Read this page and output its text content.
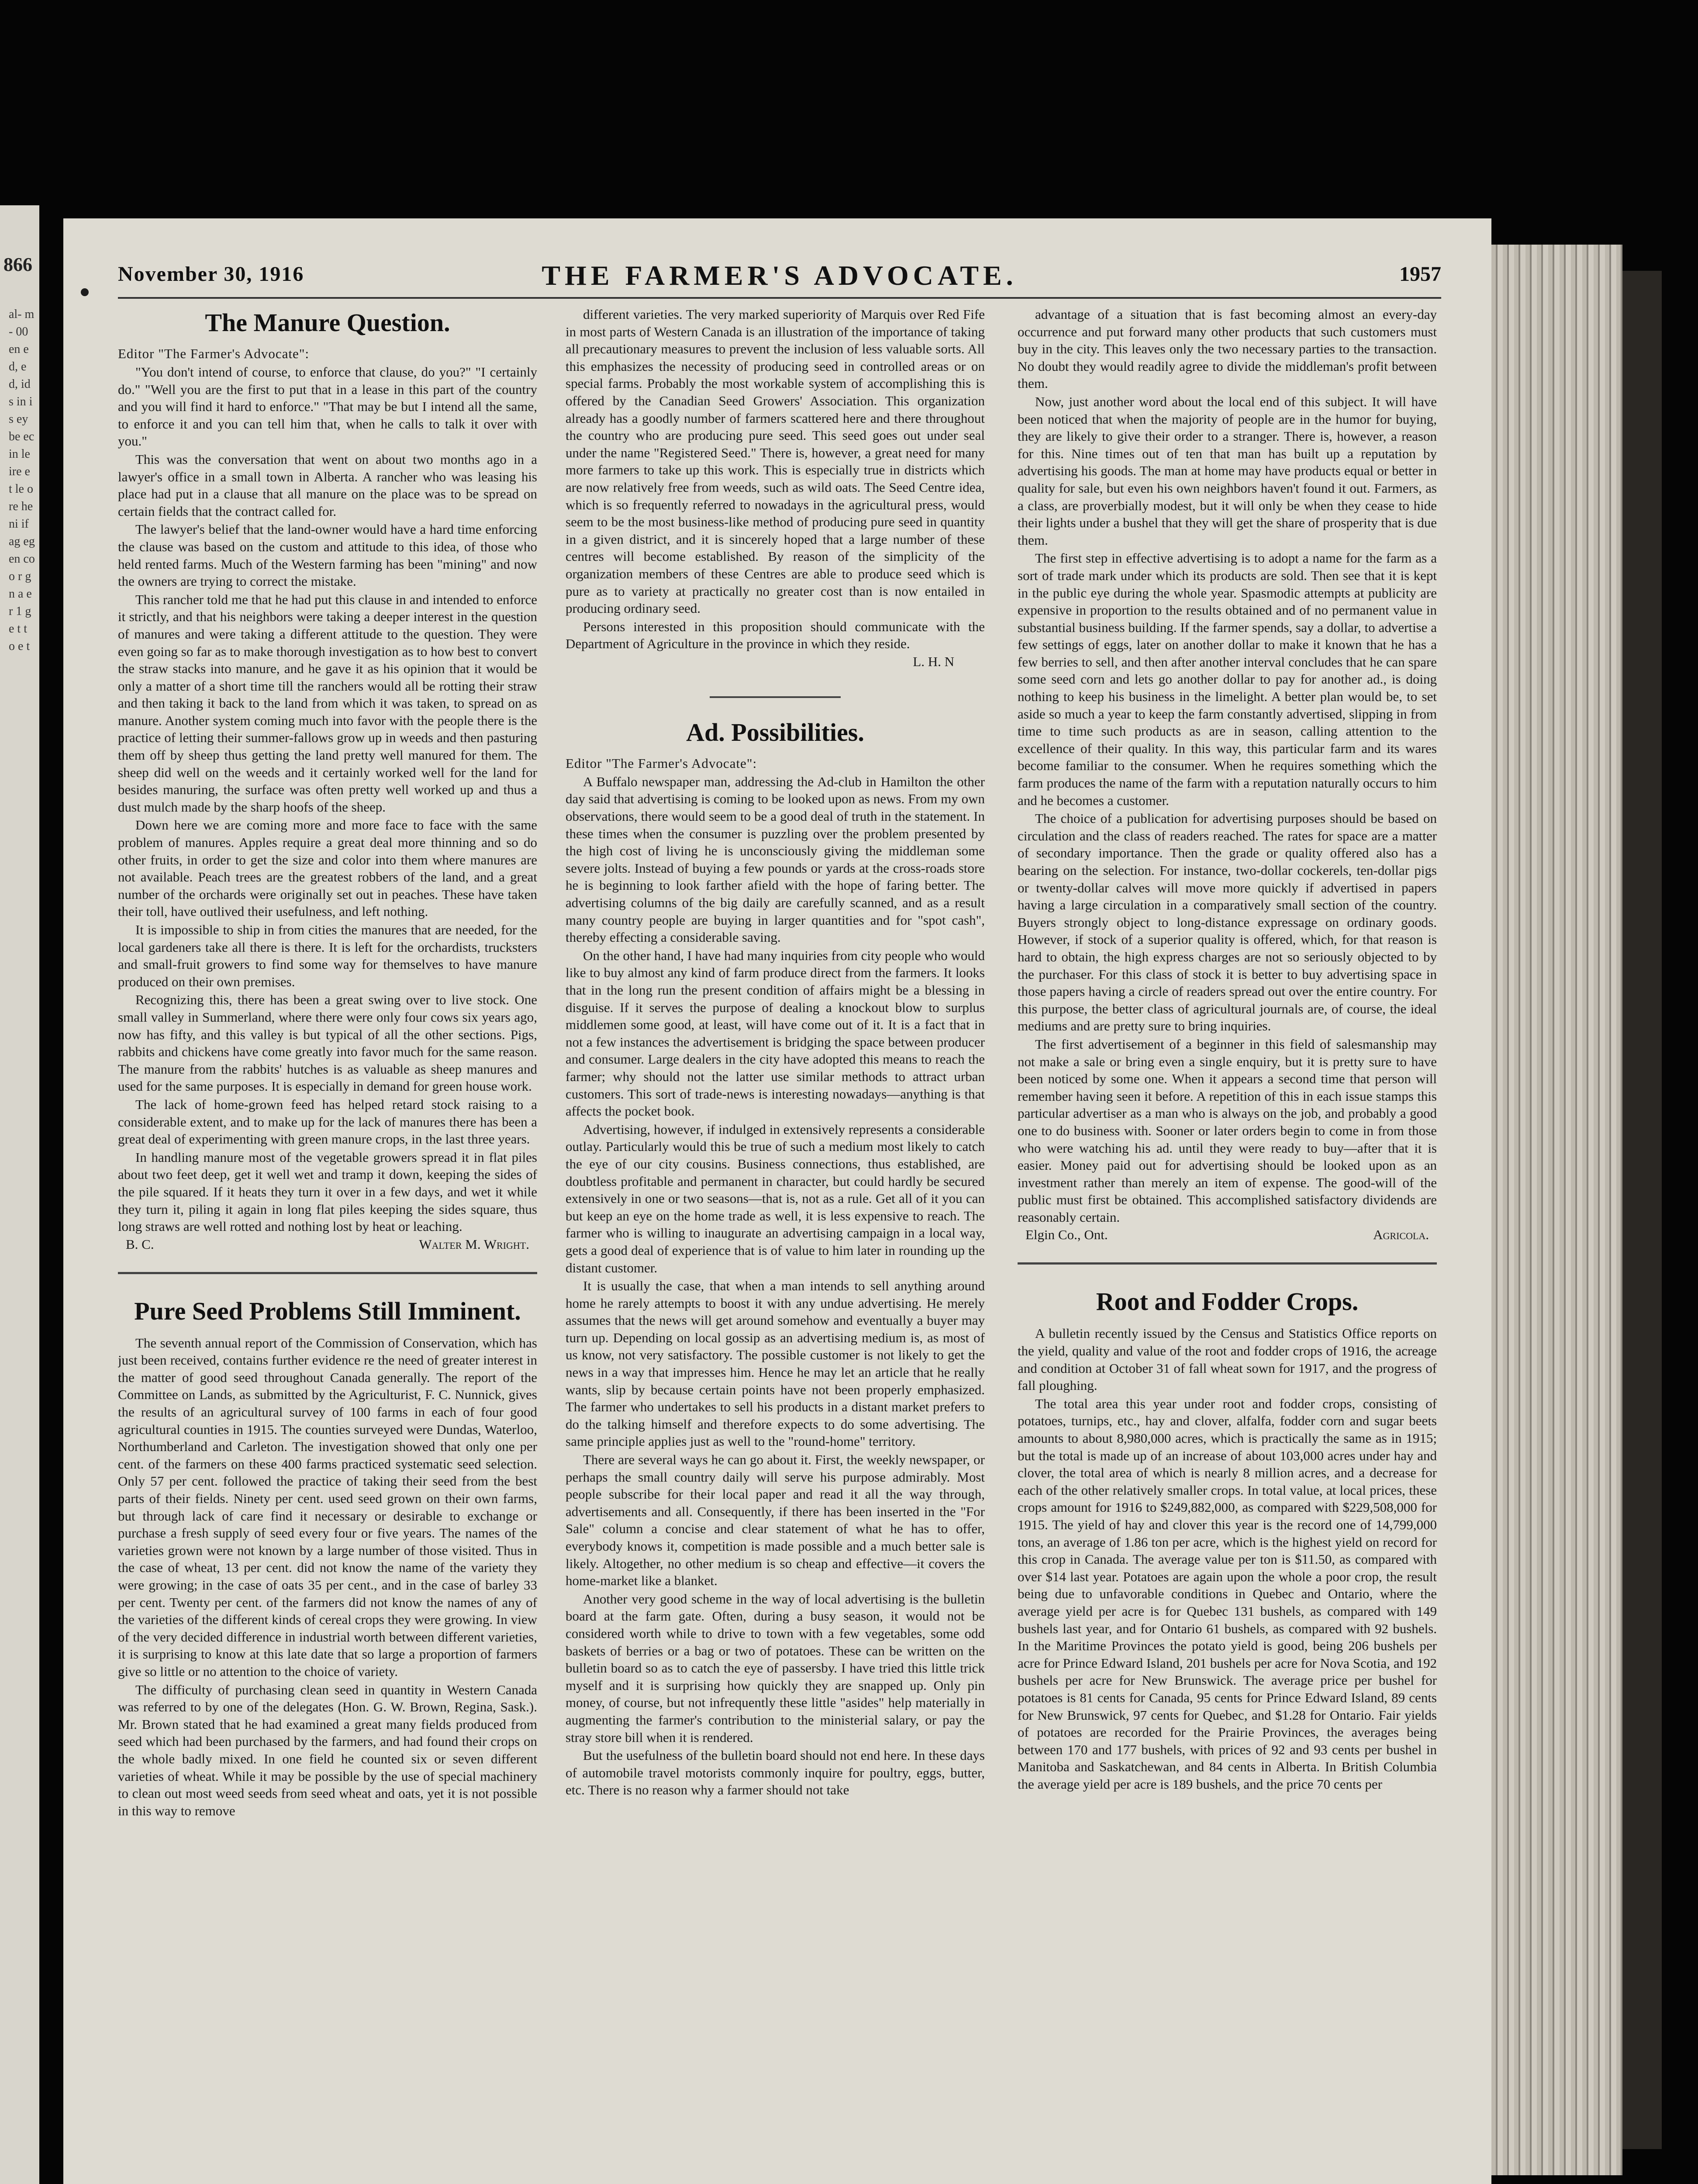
866
al- m- 00 en ed, ed, ids in is ey be ec in le ire e t le ore he ni if ag eg en co o r g n a e r 1 g e t t o e t
November 30, 1916	THE FARMER'S ADVOCATE.	1957
The Manure Question.
Editor "The Farmer's Advocate":

"You don't intend of course, to enforce that clause, do you?" "I certainly do." "Well you are the first to put that in a lease in this part of the country and you will find it hard to enforce." "That may be but I intend all the same, to enforce it and you can tell him that, when he calls to talk it over with you."

This was the conversation that went on about two months ago in a lawyer's office in a small town in Alberta. A rancher who was leasing his place had put in a clause that all manure on the place was to be spread on certain fields that the contract called for.

The lawyer's belief that the land-owner would have a hard time enforcing the clause was based on the custom and attitude to this idea, of those who held rented farms. Much of the Western farming has been "mining" and now the owners are trying to correct the mistake.

This rancher told me that he had put this clause in and intended to enforce it strictly, and that his neighbors were taking a deeper interest in the question of manures and were taking a different attitude to the question. They were even going so far as to make thorough investigation as to how best to convert the straw stacks into manure, and he gave it as his opinion that it would be only a matter of a short time till the ranchers would all be rotting their straw and then taking it back to the land from which it was taken, to spread on as manure. Another system coming much into favor with the people there is the practice of letting their summer-fallows grow up in weeds and then pasturing them off by sheep thus getting the land pretty well manured for them. The sheep did well on the weeds and it certainly worked well for the land for besides manuring, the surface was often pretty well worked up and thus a dust mulch made by the sharp hoofs of the sheep.

Down here we are coming more and more face to face with the same problem of manures. Apples require a great deal more thinning and so do other fruits, in order to get the size and color into them where manures are not available. Peach trees are the greatest robbers of the land, and a great number of the orchards were originally set out in peaches. These have taken their toll, have outlived their usefulness, and left nothing.

It is impossible to ship in from cities the manures that are needed, for the local gardeners take all there is there. It is left for the orchardists, trucksters and small-fruit growers to find some way for themselves to have manure produced on their own premises.

Recognizing this, there has been a great swing over to live stock. One small valley in Summerland, where there were only four cows six years ago, now has fifty, and this valley is but typical of all the other sections. Pigs, rabbits and chickens have come greatly into favor much for the same reason. The manure from the rabbits' hutches is as valuable as sheep manures and used for the same purposes. It is especially in demand for green house work.

The lack of home-grown feed has helped retard stock raising to a considerable extent, and to make up for the lack of manures there has been a great deal of experimenting with green manure crops, in the last three years.

In handling manure most of the vegetable growers spread it in flat piles about two feet deep, get it well wet and tramp it down, keeping the sides of the pile squared. If it heats they turn it over in a few days, and wet it while they turn it, piling it again in long flat piles keeping the sides square, thus long straws are well rotted and nothing lost by heat or leaching.

B. C.	Walter M. Wright.
Pure Seed Problems Still Imminent.

The seventh annual report of the Commission of Conservation, which has just been received, contains further evidence re the need of greater interest in the matter of good seed throughout Canada generally. The report of the Committee on Lands, as submitted by the Agriculturist, F. C. Nunnick, gives the results of an agricultural survey of 100 farms in each of four good agricultural counties in 1915. The counties surveyed were Dundas, Waterloo, Northumberland and Carleton. The investigation showed that only one per cent. of the farmers on these 400 farms practiced systematic seed selection. Only 57 per cent. followed the practice of taking their seed from the best parts of their fields. Ninety per cent. used seed grown on their own farms, but through lack of care find it necessary or desirable to exchange or purchase a fresh supply of seed every four or five years. The names of the varieties grown were not known by a large number of those visited. Thus in the case of wheat, 13 per cent. did not know the name of the variety they were growing; in the case of oats 35 per cent., and in the case of barley 33 per cent. Twenty per cent. of the farmers did not know the names of any of the varieties of the different kinds of cereal crops they were growing. In view of the very decided difference in industrial worth between different varieties, it is surprising to know at this late date that so large a proportion of farmers give so little or no attention to the choice of variety.

The difficulty of purchasing clean seed in quantity in Western Canada was referred to by one of the delegates (Hon. G. W. Brown, Regina, Sask.). Mr. Brown stated that he had examined a great many fields produced from seed which had been purchased by the farmers, and had found their crops on the whole badly mixed. In one field he counted six or seven different varieties of wheat. While it may be possible by the use of special machinery to clean out most weed seeds from seed wheat and oats, yet it is not possible in this way to remove

different varieties. The very marked superiority of Marquis over Red Fife in most parts of Western Canada is an illustration of the importance of taking all precautionary measures to prevent the inclusion of less valuable sorts. All this emphasizes the necessity of producing seed in controlled areas or on special farms. Probably the most workable system of accomplishing this is offered by the Canadian Seed Growers' Association. This organization already has a goodly number of farmers scattered here and there throughout the country who are producing pure seed. This seed goes out under seal under the name "Registered Seed." There is, however, a great need for many more farmers to take up this work. This is especially true in districts which are now relatively free from weeds, such as wild oats. The Seed Centre idea, which is so frequently referred to nowadays in the agricultural press, would seem to be the most business-like method of producing pure seed in quantity in a given district, and it is sincerely hoped that a large number of these centres will become established. By reason of the simplicity of the organization members of these Centres are able to produce seed which is pure as to variety at practically no greater cost than is now entailed in producing ordinary seed.

Persons interested in this proposition should communicate with the Department of Agriculture in the province in which they reside.

L. H. N
Ad. Possibilities.
Editor "The Farmer's Advocate":

A Buffalo newspaper man, addressing the Ad-club in Hamilton the other day said that advertising is coming to be looked upon as news. From my own observations, there would seem to be a good deal of truth in the statement. In these times when the consumer is puzzling over the problem presented by the high cost of living he is unconsciously giving the middleman some severe jolts. Instead of buying a few pounds or yards at the cross-roads store he is beginning to look farther afield with the hope of faring better. The advertising columns of the big daily are carefully scanned, and as a result many country people are buying in larger quantities and for "spot cash", thereby effecting a considerable saving.

On the other hand, I have had many inquiries from city people who would like to buy almost any kind of farm produce direct from the farmers. It looks that in the long run the present condition of affairs might be a blessing in disguise. If it serves the purpose of dealing a knockout blow to surplus middlemen some good, at least, will have come out of it. It is a fact that in not a few instances the advertisement is bridging the space between producer and consumer. Large dealers in the city have adopted this means to reach the farmer; why should not the latter use similar methods to attract urban customers. This sort of trade-news is interesting nowadays—anything is that affects the pocket book.

Advertising, however, if indulged in extensively represents a considerable outlay. Particularly would this be true of such a medium most likely to catch the eye of our city cousins. Business connections, thus established, are doubtless profitable and permanent in character, but could hardly be secured extensively in one or two seasons—that is, not as a rule. Get all of it you can but keep an eye on the home trade as well, it is less expensive to reach. The farmer who is willing to inaugurate an advertising campaign in a local way, gets a good deal of experience that is of value to him later in rounding up the distant customer.

It is usually the case, that when a man intends to sell anything around home he rarely attempts to boost it with any undue advertising. He merely assumes that the news will get around somehow and eventually a buyer may turn up. Depending on local gossip as an advertising medium is, as most of us know, not very satisfactory. The possible customer is not likely to get the news in a way that impresses him. Hence he may let an article that he really wants, slip by because certain points have not been properly emphasized. The farmer who undertakes to sell his products in a distant market prefers to do the talking himself and therefore expects to do some advertising. The same principle applies just as well to the "round-home" territory.

There are several ways he can go about it. First, the weekly newspaper, or perhaps the small country daily will serve his purpose admirably. Most people subscribe for their local paper and read it all the way through, advertisements and all. Consequently, if there has been inserted in the "For Sale" column a concise and clear statement of what he has to offer, everybody knows it, competition is made possible and a much better sale is likely. Altogether, no other medium is so cheap and effective—it covers the home-market like a blanket.

Another very good scheme in the way of local advertising is the bulletin board at the farm gate. Often, during a busy season, it would not be considered worth while to drive to town with a few vegetables, some odd baskets of berries or a bag or two of potatoes. These can be written on the bulletin board so as to catch the eye of passersby. I have tried this little trick myself and it is surprising how quickly they are snapped up. Only pin money, of course, but not infrequently these little "asides" help materially in augmenting the farmer's contribution to the ministerial salary, or pay the stray store bill when it is rendered.

But the usefulness of the bulletin board should not end here. In these days of automobile travel motorists commonly inquire for poultry, eggs, butter, etc. There is no reason why a farmer should not take

advantage of a situation that is fast becoming almost an every-day occurrence and put forward many other products that such customers must buy in the city. This leaves only the two necessary parties to the transaction. No doubt they would readily agree to divide the middleman's profit between them.

Now, just another word about the local end of this subject. It will have been noticed that when the majority of people are in the humor for buying, they are likely to give their order to a stranger. There is, however, a reason for this. Nine times out of ten that man has built up a reputation by advertising his goods. The man at home may have products equal or better in quality for sale, but even his own neighbors haven't found it out. Farmers, as a class, are proverbially modest, but it will only be when they cease to hide their lights under a bushel that they will get the share of prosperity that is due them.

The first step in effective advertising is to adopt a name for the farm as a sort of trade mark under which its products are sold. Then see that it is kept in the public eye during the whole year. Spasmodic attempts at publicity are expensive in proportion to the results obtained and of no permanent value in substantial business building. If the farmer spends, say a dollar, to advertise a few settings of eggs, later on another dollar to make it known that he has a few berries to sell, and then after another interval concludes that he can spare some seed corn and lets go another dollar to pay for another ad., is doing nothing to keep his business in the limelight. A better plan would be, to set aside so much a year to keep the farm constantly advertised, slipping in from time to time such products as are in season, calling attention to the excellence of their quality. In this way, this particular farm and its wares become familiar to the consumer. When he requires something which the farm produces the name of the farm with a reputation naturally occurs to him and he becomes a customer.

The choice of a publication for advertising purposes should be based on circulation and the class of readers reached. The rates for space are a matter of secondary importance. Then the grade or quality offered also has a bearing on the selection. For instance, two-dollar cockerels, ten-dollar pigs or twenty-dollar calves will move more quickly if advertised in papers having a large circulation in a comparatively small section of the country. Buyers strongly object to long-distance expressage on ordinary goods. However, if stock of a superior quality is offered, which, for that reason is hard to obtain, the high express charges are not so seriously objected to by the purchaser. For this class of stock it is better to buy advertising space in those papers having a circle of readers spread out over the entire country. For this purpose, the better class of agricultural journals are, of course, the ideal mediums and are pretty sure to bring inquiries.

The first advertisement of a beginner in this field of salesmanship may not make a sale or bring even a single enquiry, but it is pretty sure to have been noticed by some one. When it appears a second time that person will remember having seen it before. A repetition of this in each issue stamps this particular advertiser as a man who is always on the job, and probably a good one to do business with. Sooner or later orders begin to come in from those who were watching his ad. until they were ready to buy—after that it is easier. Money paid out for advertising should be looked upon as an investment rather than merely an item of expense. The good-will of the public must first be obtained. This accomplished satisfactory dividends are reasonably certain.

Elgin Co., Ont.	Agricola.
Root and Fodder Crops.

A bulletin recently issued by the Census and Statistics Office reports on the yield, quality and value of the root and fodder crops of 1916, the acreage and condition at October 31 of fall wheat sown for 1917, and the progress of fall ploughing.

The total area this year under root and fodder crops, consisting of potatoes, turnips, etc., hay and clover, alfalfa, fodder corn and sugar beets amounts to about 8,980,000 acres, which is practically the same as in 1915; but the total is made up of an increase of about 103,000 acres under hay and clover, the total area of which is nearly 8 million acres, and a decrease for each of the other relatively smaller crops. In total value, at local prices, these crops amount for 1916 to $249,882,000, as compared with $229,508,000 for 1915. The yield of hay and clover this year is the record one of 14,799,000 tons, an average of 1.86 ton per acre, which is the highest yield on record for this crop in Canada. The average value per ton is $11.50, as compared with over $14 last year. Potatoes are again upon the whole a poor crop, the result being due to unfavorable conditions in Quebec and Ontario, where the average yield per acre is for Quebec 131 bushels, as compared with 149 bushels last year, and for Ontario 61 bushels, as compared with 92 bushels. In the Maritime Provinces the potato yield is good, being 206 bushels per acre for Prince Edward Island, 201 bushels per acre for Nova Scotia, and 192 bushels per acre for New Brunswick. The average price per bushel for potatoes is 81 cents for Canada, 95 cents for Prince Edward Island, 89 cents for New Brunswick, 97 cents for Quebec, and $1.28 for Ontario. Fair yields of potatoes are recorded for the Prairie Provinces, the averages being between 170 and 177 bushels, with prices of 92 and 93 cents per bushel in Manitoba and Saskatchewan, and 84 cents in Alberta. In British Columbia the average yield per acre is 189 bushels, and the price 70 cents per
